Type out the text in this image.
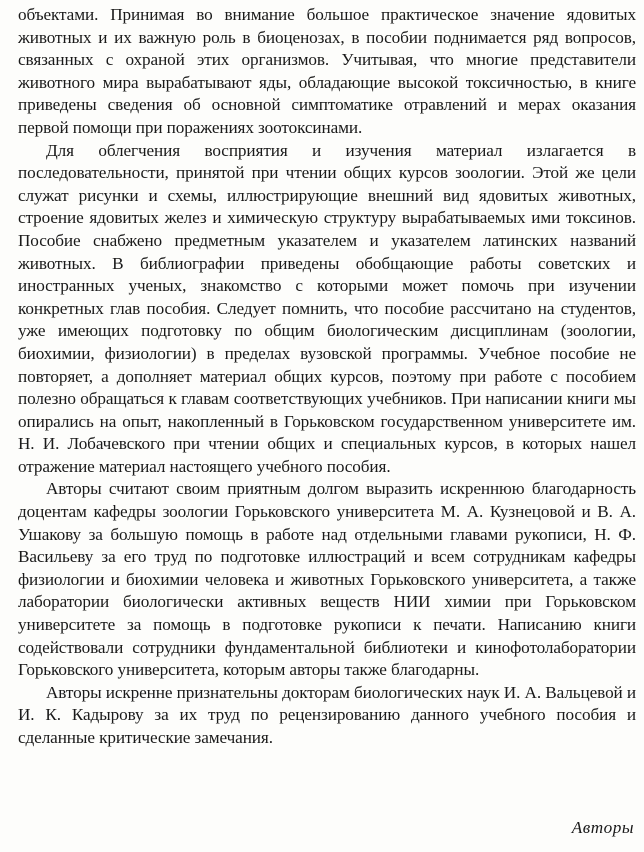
объектами. Принимая во внимание большое практическое значение ядовитых животных и их важную роль в биоценозах, в пособии поднимается ряд вопросов, связанных с охраной этих организмов. Учитывая, что многие представители животного мира вырабатывают яды, обладающие высокой токсичностью, в книге приведены сведения об основной симптоматике отравлений и мерах оказания первой помощи при поражениях зоотоксинами.

Для облегчения восприятия и изучения материал излагается в последовательности, принятой при чтении общих курсов зоологии. Этой же цели служат рисунки и схемы, иллюстрирующие внешний вид ядовитых животных, строение ядовитых желез и химическую структуру вырабатываемых ими токсинов. Пособие снабжено предметным указателем и указателем латинских названий животных. В библиографии приведены обобщающие работы советских и иностранных ученых, знакомство с которыми может помочь при изучении конкретных глав пособия. Следует помнить, что пособие рассчитано на студентов, уже имеющих подготовку по общим биологическим дисциплинам (зоологии, биохимии, физиологии) в пределах вузовской программы. Учебное пособие не повторяет, а дополняет материал общих курсов, поэтому при работе с пособием полезно обращаться к главам соответствующих учебников. При написании книги мы опирались на опыт, накопленный в Горьковском государственном университете им. Н. И. Лобачевского при чтении общих и специальных курсов, в которых нашел отражение материал настоящего учебного пособия.

Авторы считают своим приятным долгом выразить искреннюю благодарность доцентам кафедры зоологии Горьковского университета М. А. Кузнецовой и В. А. Ушакову за большую помощь в работе над отдельными главами рукописи, Н. Ф. Васильеву за его труд по подготовке иллюстраций и всем сотрудникам кафедры физиологии и биохимии человека и животных Горьковского университета, а также лаборатории биологически активных веществ НИИ химии при Горьковском университете за помощь в подготовке рукописи к печати. Написанию книги содействовали сотрудники фундаментальной библиотеки и кинофотолаборатории Горьковского университета, которым авторы также благодарны.

Авторы искренне признательны докторам биологических наук И. А. Вальцевой и И. К. Кадырову за их труд по рецензированию данного учебного пособия и сделанные критические замечания.

Авторы
